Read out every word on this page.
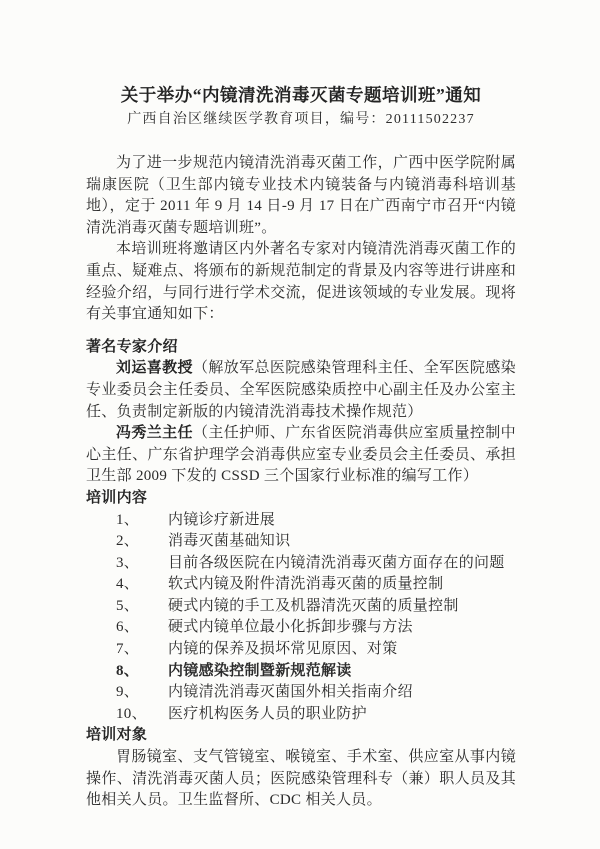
关于举办“内镜清洗消毒灭菌专题培训班”通知
广西自治区继续医学教育项目，编号：20111502237

为了进一步规范内镜清洗消毒灭菌工作，广西中医学院附属瑞康医院（卫生部内镜专业技术内镜装备与内镜消毒科培训基地），定于 2011 年 9 月 14 日-9 月 17 日在广西南宁市召开“内镜清洗消毒灭菌专题培训班”。

本培训班将邀请区内外著名专家对内镜清洗消毒灭菌工作的重点、疑难点、将颁布的新规范制定的背景及内容等进行讲座和经验介绍，与同行进行学术交流，促进该领域的专业发展。现将有关事宜通知如下：

著名专家介绍

刘运喜教授（解放军总医院感染管理科主任、全军医院感染专业委员会主任委员、全军医院感染质控中心副主任及办公室主任、负责制定新版的内镜清洗消毒技术操作规范）

冯秀兰主任（主任护师、广东省医院消毒供应室质量控制中心主任、广东省护理学会消毒供应室专业委员会主任委员、承担卫生部 2009 下发的 CSSD 三个国家行业标准的编写工作）

培训内容
1、 内镜诊疗新进展
2、 消毒灭菌基础知识
3、 目前各级医院在内镜清洗消毒灭菌方面存在的问题
4、 软式内镜及附件清洗消毒灭菌的质量控制
5、 硬式内镜的手工及机器清洗灭菌的质量控制
6、 硬式内镜单位最小化拆卸步骤与方法
7、 内镜的保养及损坏常见原因、对策
8、 内镜感染控制暨新规范解读
9、 内镜清洗消毒灭菌国外相关指南介绍
10、 医疗机构医务人员的职业防护
培训对象

胃肠镜室、支气管镜室、喉镜室、手术室、供应室从事内镜操作、清洗消毒灭菌人员；医院感染管理科专（兼）职人员及其他相关人员。卫生监督所、CDC 相关人员。
